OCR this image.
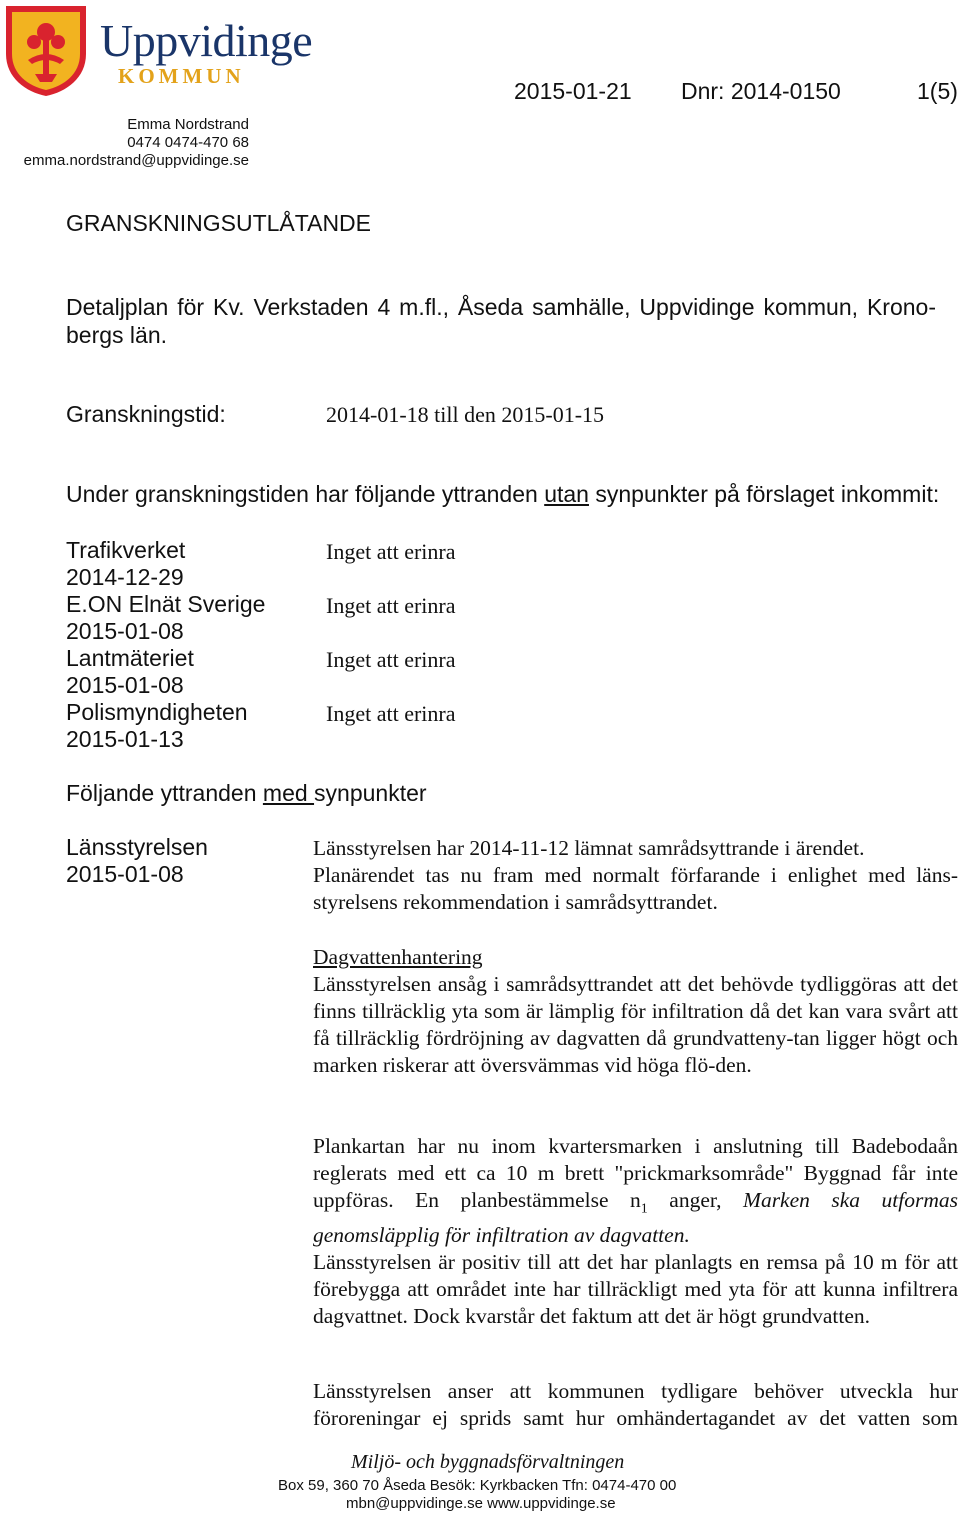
Uppvidinge
KOMMUN
2015-01-21 Dnr: 2014-0150	1(5)
Emma Nordstrand
0474 0474-470 68
emma.nordstrand@uppvidinge.se
GRANSKNINGSUTLÅTANDE
Detaljplan för Kv. Verkstaden 4 m.fl., Åseda samhälle, Uppvidinge kommun, Krono-
bergs län.
Granskningstid:	2014-01-18 till den 2015-01-15
Under granskningstiden har följande yttranden utan synpunkter på förslaget inkommit:
Trafikverket
2014-12-29
Inget att erinra
E.ON Elnät Sverige
2015-01-08
Inget att erinra
Lantmäteriet
2015-01-08
Inget att erinra
Polismyndigheten
2015-01-13
Inget att erinra
Följande yttranden med synpunkter
Länsstyrelsen
2015-01-08
Länsstyrelsen har 2014-11-12 lämnat samrådsyttrande i ärendet.
Planärendet tas nu fram med normalt förfarande i enlighet med läns-
styrelsens rekommendation i samrådsyttrandet.
Dagvattenhantering

Länsstyrelsen ansåg i samrådsyttrandet att det behövde tydliggöras att det finns tillräcklig yta som är lämplig för infiltration då det kan vara svårt att få tillräcklig fördröjning av dagvatten då grundvatteny-tan ligger högt och marken riskerar att översvämmas vid höga flö-den.

Plankartan har nu inom kvartersmarken i anslutning till Badebodaån reglerats med ett ca 10 m brett "prickmarksområde" Byggnad får inte uppföras. En planbestämmelse $n_1$ anger, Marken ska utformas genomsläpplig för infiltration av dagvatten.

Länsstyrelsen är positiv till att det har planlagts en remsa på 10 m för att förebygga att området inte har tillräckligt med yta för att kunna infiltrera dagvattnet. Dock kvarstår det faktum att det är högt grundvatten.

Länsstyrelsen anser att kommunen tydligare behöver utveckla hur föroreningar ej sprids samt hur omhändertagandet av det vatten som

Miljö- och byggnadsförvaltningen
Box 59, 360 70 Åseda Besök: Kyrkbacken Tfn: 0474-470 00
mbn@uppvidinge.se www.uppvidinge.se
